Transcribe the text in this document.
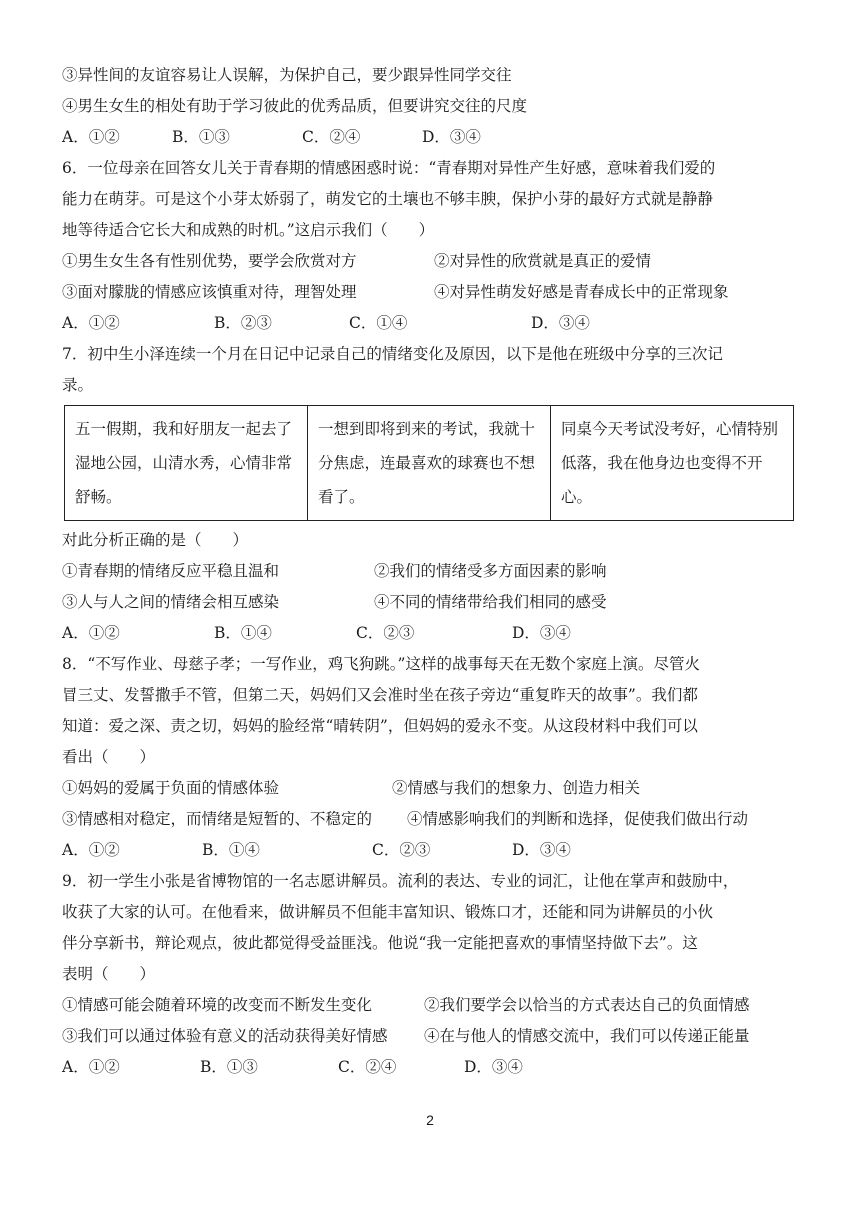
③异性间的友谊容易让人误解，为保护自己，要少跟异性同学交往
④男生女生的相处有助于学习彼此的优秀品质，但要讲究交往的尺度
A．①②	B．①③	C．②④	D．③④
6．一位母亲在回答女儿关于青春期的情感困惑时说：“青春期对异性产生好感，意味着我们爱的
能力在萌芽。可是这个小芽太娇弱了，萌发它的土壤也不够丰腴，保护小芽的最好方式就是静静
地等待适合它长大和成熟的时机。”这启示我们（　　）
①男生女生各有性别优势，要学会欣赏对方	②对异性的欣赏就是真正的爱情
③面对朦胧的情感应该慎重对待，理智处理	④对异性萌发好感是青春成长中的正常现象
A．①②	B．②③	C．①④	D．③④
7．初中生小泽连续一个月在日记中记录自己的情绪变化及原因，以下是他在班级中分享的三次记
录。
五一假期，我和好朋友一起去了湿地公园，山清水秀，心情非常舒畅。	一想到即将到来的考试，我就十分焦虑，连最喜欢的球赛也不想看了。	同桌今天考试没考好，心情特别低落，我在他身边也变得不开心。
对此分析正确的是（　　）
①青春期的情绪反应平稳且温和	②我们的情绪受多方面因素的影响
③人与人之间的情绪会相互感染	④不同的情绪带给我们相同的感受
A．①②	B．①④	C．②③	D．③④
8．“不写作业、母慈子孝；一写作业，鸡飞狗跳。”这样的战事每天在无数个家庭上演。尽管火
冒三丈、发誓撒手不管，但第二天，妈妈们又会准时坐在孩子旁边“重复昨天的故事”。我们都
知道：爱之深、责之切，妈妈的脸经常“晴转阴”，但妈妈的爱永不变。从这段材料中我们可以
看出（　　）
①妈妈的爱属于负面的情感体验	②情感与我们的想象力、创造力相关
③情感相对稳定，而情绪是短暂的、不稳定的	④情感影响我们的判断和选择，促使我们做出行动
A．①②	B．①④	C．②③	D．③④
9．初一学生小张是省博物馆的一名志愿讲解员。流利的表达、专业的词汇，让他在掌声和鼓励中，
收获了大家的认可。在他看来，做讲解员不但能丰富知识、锻炼口才，还能和同为讲解员的小伙
伴分享新书，辩论观点，彼此都觉得受益匪浅。他说“我一定能把喜欢的事情坚持做下去”。这
表明（　　）
①情感可能会随着环境的改变而不断发生变化	②我们要学会以恰当的方式表达自己的负面情感
③我们可以通过体验有意义的活动获得美好情感	④在与他人的情感交流中，我们可以传递正能量
A．①②	B．①③	C．②④	D．③④
2
